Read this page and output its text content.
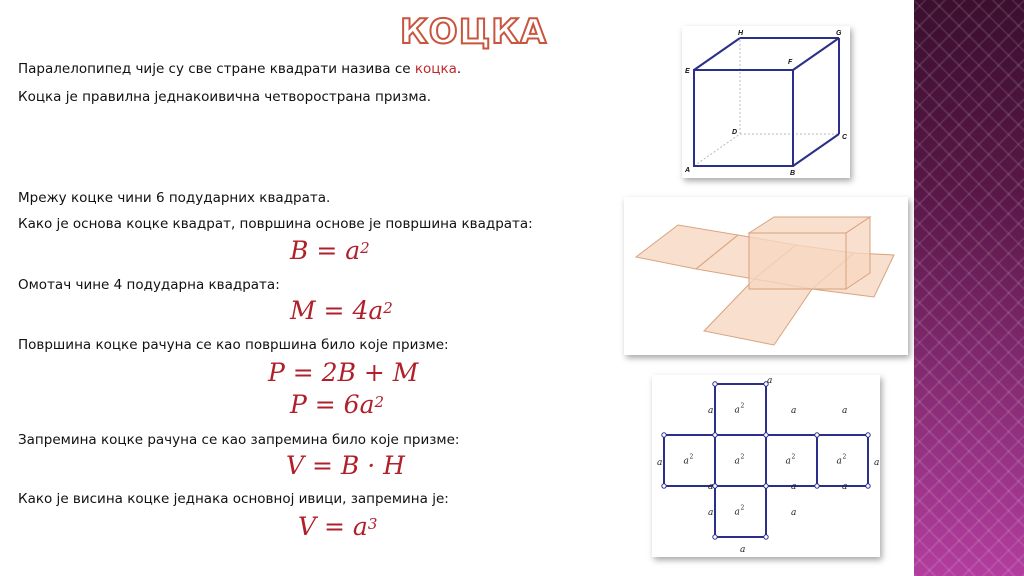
КОЦКА
Паралелопипед чије су све стране квадрати назива се коцка.
Коцка је правилна једнакоивична четворострана призма.
Мрежу коцке чини 6 подударних квадрата.
Како је основа коцке квадрат, површина основе је површина квадрата:
$B = a^2$
Омотач чине 4 подударна квадрата:
$M = 4a^2$
Површина коцке рачуна се као површина било које призме:
P = 2B + M
$P = 6a^2$
Запремина коцке рачуна се као запремина било које призме:
V = B · H
Како је висина коцке једнака основној ивици, запремина је:
$V = a^3$
A	B
C
D
E
F
G
H
a 2
a 2	a 2	a 2	a 2
a 2
a
a	a
a	a
a	a
a
a
a	a
a
